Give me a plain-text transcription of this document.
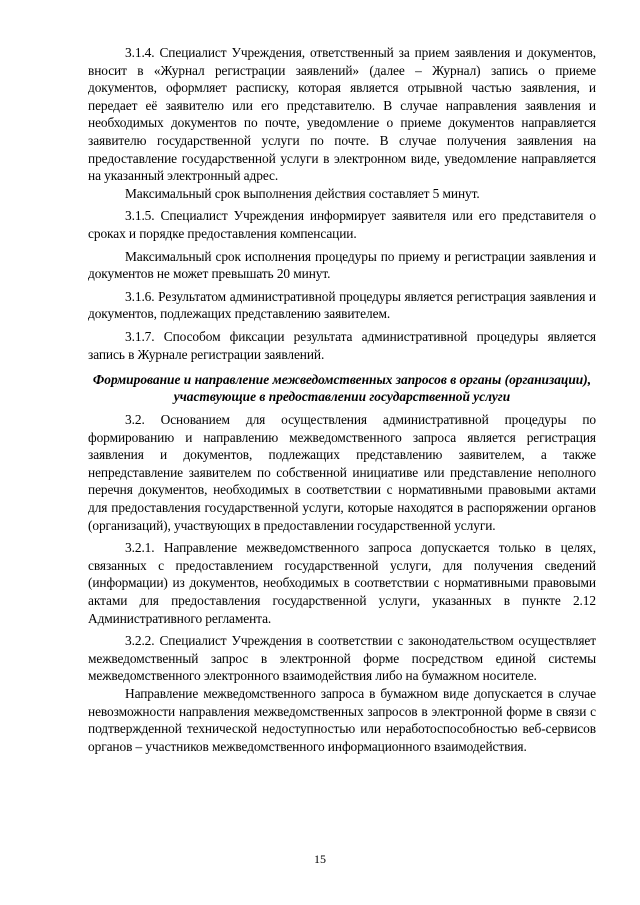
3.1.4. Специалист Учреждения, ответственный за прием заявления и документов, вносит в «Журнал регистрации заявлений» (далее – Журнал) запись о приеме документов, оформляет расписку, которая является отрывной частью заявления, и передает её заявителю или его представителю. В случае направления заявления и необходимых документов по почте, уведомление о приеме документов направляется заявителю государственной услуги по почте. В случае получения заявления на предоставление государственной услуги в электронном виде, уведомление направляется на указанный электронный адрес.

Максимальный срок выполнения действия составляет 5 минут.

3.1.5. Специалист Учреждения информирует заявителя или его представителя о сроках и порядке предоставления компенсации.

Максимальный срок исполнения процедуры по приему и регистрации заявления и документов не может превышать 20 минут.

3.1.6. Результатом административной процедуры является регистрация заявления и документов, подлежащих представлению заявителем.

3.1.7. Способом фиксации результата административной процедуры является запись в Журнале регистрации заявлений.

Формирование и направление межведомственных запросов в органы (организации), участвующие в предоставлении государственной услуги

3.2. Основанием для осуществления административной процедуры по формированию и направлению межведомственного запроса является регистрация заявления и документов, подлежащих представлению заявителем, а также непредставление заявителем по собственной инициативе или представление неполного перечня документов, необходимых в соответствии с нормативными правовыми актами для предоставления государственной услуги, которые находятся в распоряжении органов (организаций), участвующих в предоставлении государственной услуги.

3.2.1. Направление межведомственного запроса допускается только в целях, связанных с предоставлением государственной услуги, для получения сведений (информации) из документов, необходимых в соответствии с нормативными правовыми актами для предоставления государственной услуги, указанных в пункте 2.12 Административного регламента.

3.2.2. Специалист Учреждения в соответствии с законодательством осуществляет межведомственный запрос в электронной форме посредством единой системы межведомственного электронного взаимодействия либо на бумажном носителе.

Направление межведомственного запроса в бумажном виде допускается в случае невозможности направления межведомственных запросов в электронной форме в связи с подтвержденной технической недоступностью или неработоспособностью веб-сервисов органов – участников межведомственного информационного взаимодействия.

15
